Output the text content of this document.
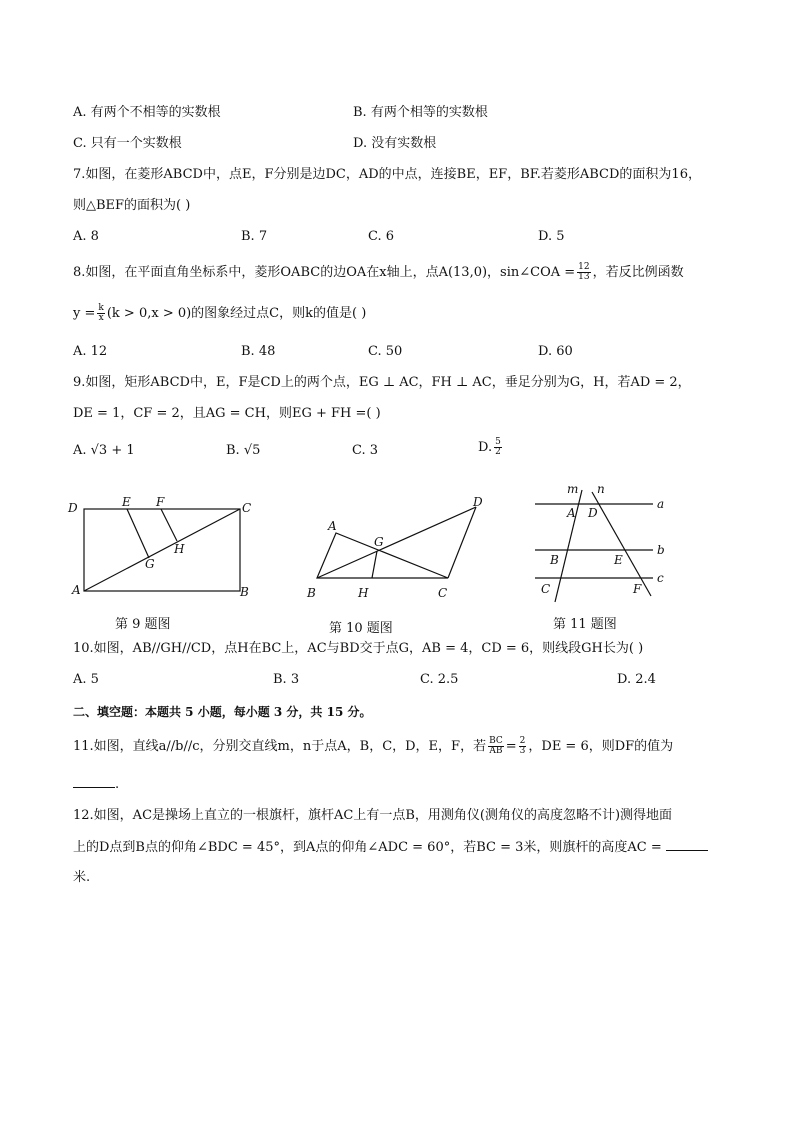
A. 有两个不相等的实数根	B. 有两个相等的实数根
C. 只有一个实数根	D. 没有实数根
7.如图，在菱形ABCD中，点E，F分别是边DC，AD的中点，连接BE，EF，BF.若菱形ABCD的面积为16，
则△BEF的面积为( )
A. 8	B. 7	C. 6	D. 5
8.如图，在平面直角坐标系中，菱形OABC的边OA在x轴上，点A(13,0)，sin∠COA = $\frac{12}{13}$ ，若反比例函数
$y = \frac{k}{x} (k > 0,x > 0)$的图象经过点C，则k的值是( )
A. 12	B. 48	C. 50	D. 60
9.如图，矩形ABCD中，E，F是CD上的两个点，EG ⊥ AC，FH ⊥ AC，垂足分别为G，H，若AD = 2，
DE = 1，CF = 2，且AG = CH，则EG + FH =( )
A. √3 + 1	B. √5	C. 3	D. $\frac{5}{2}$
D	E F	C
H
G
A	B
第 9 题图
A
G
D
B	H	C
第 10 题图
m n
A D
a
B	E
b
C	F
c
第 11 题图
10.如图，AB//GH//CD，点H在BC上，AC与BD交于点G，AB = 4，CD = 6，则线段GH长为( )
A. 5	B. 3	C. 2.5	D. 2.4
二、填空题：本题共 5 小题，每小题 3 分，共 15 分。
11.如图，直线a//b//c，分别交直线m，n于点A，B，C，D，E，F，若 $\frac{BC}{AB} = \frac{2}{3}$ ，DE = 6，则DF的值为
.
12.如图，AC是操场上直立的一根旗杆，旗杆AC上有一点B，用测角仪(测角仪的高度忽略不计)测得地面
上的D点到B点的仰角∠BDC = 45°，到A点的仰角∠ADC = 60°，若BC = 3米，则旗杆的高度AC =
米.
